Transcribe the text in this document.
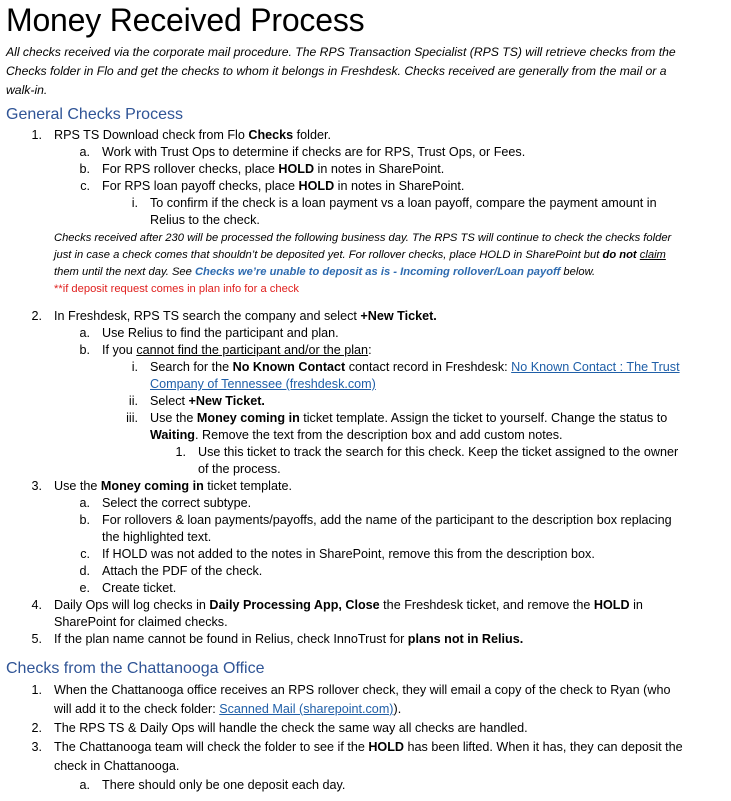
Money Received Process
All checks received via the corporate mail procedure. The RPS Transaction Specialist (RPS TS) will retrieve checks from the
Checks folder in Flo and get the checks to whom it belongs in Freshdesk. Checks received are generally from the mail or a
walk-in.
General Checks Process
1. RPS TS Download check from Flo Checks folder.
a. Work with Trust Ops to determine if checks are for RPS, Trust Ops, or Fees.
b. For RPS rollover checks, place HOLD in notes in SharePoint.
c. For RPS loan payoff checks, place HOLD in notes in SharePoint.
i. To confirm if the check is a loan payment vs a loan payoff, compare the payment amount in
Relius to the check.
Checks received after 230 will be processed the following business day. The RPS TS will continue to check the checks folder
just in case a check comes that shouldn’t be deposited yet. For rollover checks, place HOLD in SharePoint but do not claim
them until the next day. See Checks we’re unable to deposit as is - Incoming rollover/Loan payoff below.
**if deposit request comes in plan info for a check
2. In Freshdesk, RPS TS search the company and select +New Ticket.
a. Use Relius to find the participant and plan.
b. If you cannot find the participant and/or the plan:
i. Search for the No Known Contact contact record in Freshdesk: No Known Contact : The Trust
Company of Tennessee (freshdesk.com)
ii. Select +New Ticket.
iii. Use the Money coming in ticket template. Assign the ticket to yourself. Change the status to
Waiting. Remove the text from the description box and add custom notes.
1. Use this ticket to track the search for this check. Keep the ticket assigned to the owner
of the process.
3. Use the Money coming in ticket template.
a. Select the correct subtype.
b. For rollovers & loan payments/payoffs, add the name of the participant to the description box replacing
the highlighted text.
c. If HOLD was not added to the notes in SharePoint, remove this from the description box.
d. Attach the PDF of the check.
e. Create ticket.
4. Daily Ops will log checks in Daily Processing App, Close the Freshdesk ticket, and remove the HOLD in
SharePoint for claimed checks.
5. If the plan name cannot be found in Relius, check InnoTrust for plans not in Relius.
Checks from the Chattanooga Office
1. When the Chattanooga office receives an RPS rollover check, they will email a copy of the check to Ryan (who
will add it to the check folder: Scanned Mail (sharepoint.com)).
2. The RPS TS & Daily Ops will handle the check the same way all checks are handled.
3. The Chattanooga team will check the folder to see if the HOLD has been lifted. When it has, they can deposit the
check in Chattanooga.
a. There should only be one deposit each day.
